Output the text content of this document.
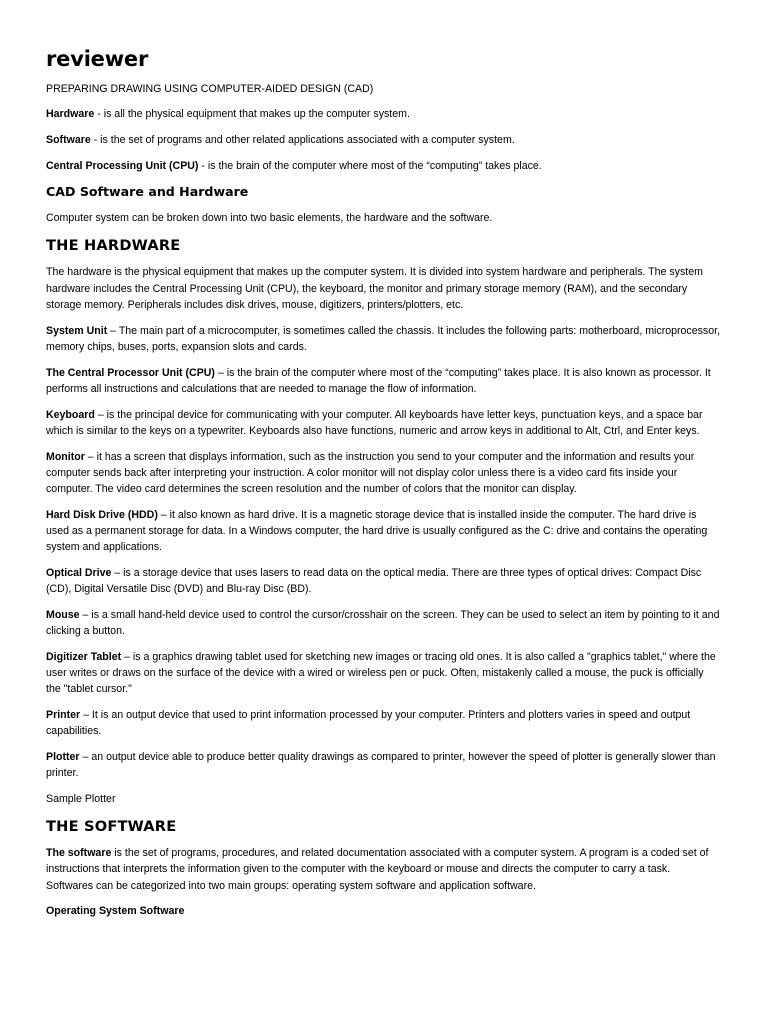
reviewer

PREPARING DRAWING USING COMPUTER-AIDED DESIGN (CAD)

Hardware - is all the physical equipment that makes up the computer system.

Software - is the set of programs and other related applications associated with a computer system.

Central Processing Unit (CPU) - is the brain of the computer where most of the “computing” takes place.

CAD Software and Hardware

Computer system can be broken down into two basic elements, the hardware and the software.

THE HARDWARE

The hardware is the physical equipment that makes up the computer system. It is divided into system hardware and peripherals. The system hardware includes the Central Processing Unit (CPU), the keyboard, the monitor and primary storage memory (RAM), and the secondary storage memory. Peripherals includes disk drives, mouse, digitizers, printers/plotters, etc.

System Unit – The main part of a microcomputer, is sometimes called the chassis. It includes the following parts: motherboard, microprocessor, memory chips, buses, ports, expansion slots and cards.

The Central Processor Unit (CPU) – is the brain of the computer where most of the “computing” takes place. It is also known as processor. It performs all instructions and calculations that are needed to manage the flow of information.

Keyboard – is the principal device for communicating with your computer. All keyboards have letter keys, punctuation keys, and a space bar which is similar to the keys on a typewriter. Keyboards also have functions, numeric and arrow keys in additional to Alt, Ctrl, and Enter keys.

Monitor – it has a screen that displays information, such as the instruction you send to your computer and the information and results your computer sends back after interpreting your instruction. A color monitor will not display color unless there is a video card fits inside your computer. The video card determines the screen resolution and the number of colors that the monitor can display.

Hard Disk Drive (HDD) – it also known as hard drive. It is a magnetic storage device that is installed inside the computer. The hard drive is used as a permanent storage for data. In a Windows computer, the hard drive is usually configured as the C: drive and contains the operating system and applications.

Optical Drive – is a storage device that uses lasers to read data on the optical media. There are three types of optical drives: Compact Disc (CD), Digital Versatile Disc (DVD) and Blu-ray Disc (BD).

Mouse – is a small hand-held device used to control the cursor/crosshair on the screen. They can be used to select an item by pointing to it and clicking a button.

Digitizer Tablet – is a graphics drawing tablet used for sketching new images or tracing old ones. It is also called a "graphics tablet," where the user writes or draws on the surface of the device with a wired or wireless pen or puck. Often, mistakenly called a mouse, the puck is officially the "tablet cursor."

Printer – It is an output device that used to print information processed by your computer. Printers and plotters varies in speed and output capabilities.

Plotter – an output device able to produce better quality drawings as compared to printer, however the speed of plotter is generally slower than printer.

Sample Plotter

THE SOFTWARE

The software is the set of programs, procedures, and related documentation associated with a computer system. A program is a coded set of instructions that interprets the information given to the computer with the keyboard or mouse and directs the computer to carry a task. Softwares can be categorized into two main groups: operating system software and application software.

Operating System Software
